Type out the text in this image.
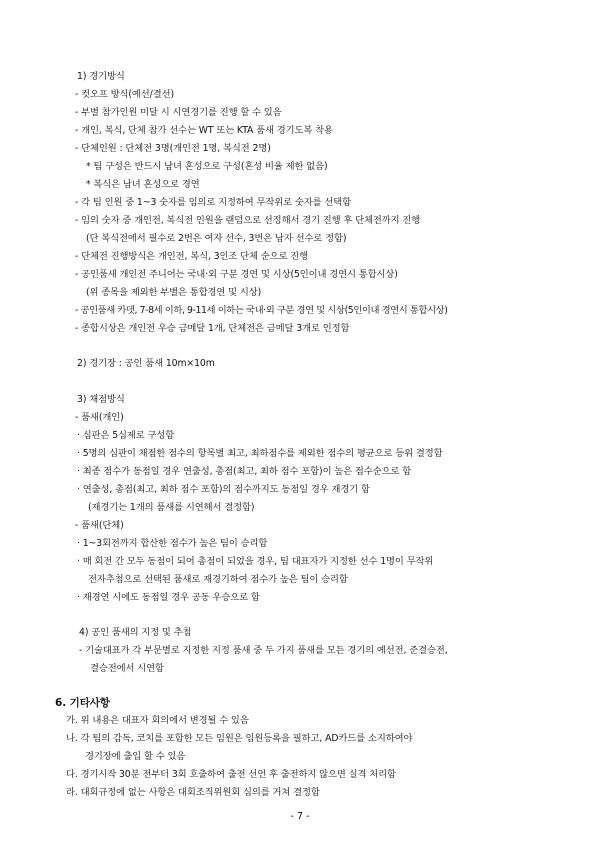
1) 경기방식
- 컷오프 방식(예선/결선)
- 부별 참가인원 미달 시 시연경기를 진행 할 수 있음
- 개인, 복식, 단체 참가 선수는 WT 또는 KTA 품새 경기도복 착용
- 단체인원 : 단체전 3명(개인전 1명, 복식전 2명)
* 팀 구성은 반드시 남녀 혼성으로 구성(혼성 비율 제한 없음)
* 복식은 남녀 혼성으로 경연
- 각 팀 인원 중 1~3 숫자를 임의로 지정하여 무작위로 숫자를 선택함
- 임의 숫자 중 개인전, 복식전 인원을 랜덤으로 선정해서 경기 진행 후 단체전까지 진행
(단 복식전에서 필수로 2번은 여자 선수, 3번은 남자 선수로 정함)
- 단체전 진행방식은 개인전, 복식, 3인조 단체 순으로 진행
- 공인품새 개인전 주니어는 국내·외 구분 경연 및 시상(5인이내 경연시 통합시상)
(위 종목을 제외한 부별은 통합경연 및 시상)
- 공인품새 카뎃, 7-8세 이하, 9-11세 이하는 국내·외 구분 경연 및 시상(5인이내 경연시 통합시상)
- 종합시상은 개인전 우승 금메달 1개, 단체전은 금메달 3개로 인정함
2) 경기장 : 공인 품새 10m×10m
3) 채점방식
- 품새(개인)
· 심판은 5심제로 구성함
· 5명의 심판이 채점한 점수의 항목별 최고, 최하점수를 제외한 점수의 평균으로 등위 결정함
· 최종 점수가 동점일 경우 연출성, 총점(최고, 최하 점수 포함)이 높은 점수순으로 함
· 연출성, 총점(최고, 최하 점수 포함)의 점수까지도 동점일 경우 재경기 함
(재경기는 1개의 품새를 시연해서 결정함)
- 품새(단체)
· 1~3회전까지 합산한 점수가 높은 팀이 승리함
· 매 회전 간 모두 동점이 되어 총점이 되었을 경우, 팀 대표자가 지정한 선수 1명이 무작위
전자추첨으로 선택된 품새로 재경기하여 점수가 높은 팀이 승리함
· 재경연 시에도 동점일 경우 공동 우승으로 함
4) 공인 품새의 지정 및 추첨
- 기술대표가 각 부문별로 지정한 지정 품새 중 두 가지 품새를 모든 경기의 예선전, 준결승전,
결승전에서 시연함
6. 기타사항
가. 위 내용은 대표자 회의에서 변경될 수 있음
나. 각 팀의 감독, 코치를 포함한 모든 임원은 임원등록을 필하고, AD카드를 소지하여야
경기장에 출입 할 수 있음
다. 경기시작 30분 전부터 3회 호출하여 출전 선언 후 출전하지 않으면 실격 처리함
라. 대회규정에 없는 사항은 대회조직위원회 심의를 거쳐 결정함
- 7 -
